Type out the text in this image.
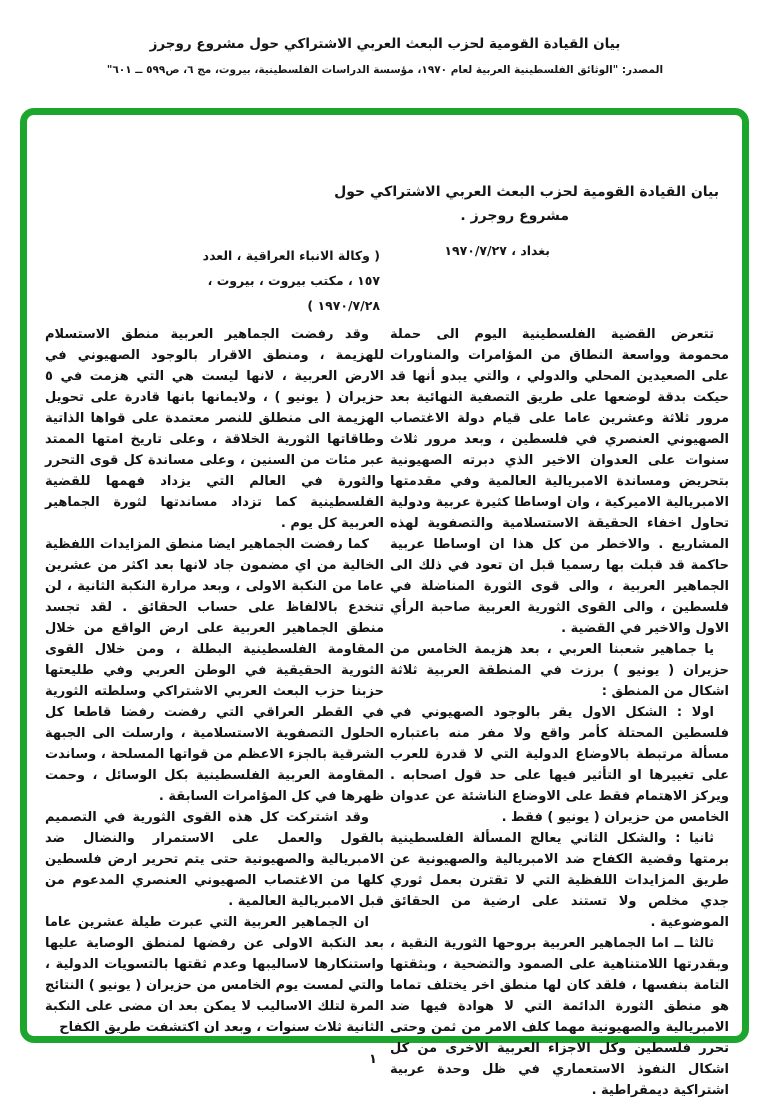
بيان القيادة القومية لحزب البعث العربي الاشتراكي حول مشروع روجرز
المصدر: "الوثائق الفلسطينية العربية لعام ١٩٧٠، مؤسسة الدراسات الفلسطينية، بيروت، مج ٦، ص٥٩٩ ــ ٦٠١"
بيان القيادة القومية لحزب البعث العربي الاشتراكي حول
مشروع روجرز .
بغداد ، ١٩٧٠/٧/٢٧

( وكالة الانباء العراقية ، العدد

١٥٧ ، مكتب بيروت ، بيروت ،

١٩٧٠/٧/٢٨ )

تتعرض القضية الفلسطينية اليوم الى حملة محمومة وواسعة النطاق من المؤامرات والمناورات على الصعيدين المحلي والدولي ، والتي يبدو أنها قد حيكت بدقة لوضعها على طريق التصفية النهائية بعد مرور ثلاثة وعشرين عاما على قيام دولة الاغتصاب الصهيوني العنصري في فلسطين ، وبعد مرور ثلاث سنوات على العدوان الاخير الذي دبرته الصهيونية بتحريض ومساندة الامبريالية العالمية وفي مقدمتها الامبريالية الاميركية ، وان اوساطا كثيرة عربية ودولية تحاول اخفاء الحقيقة الاستسلامية والتصفوية لهذه المشاريع . والاخطر من كل هذا ان اوساطا عربية حاكمة قد قبلت بها رسميا قبل ان تعود في ذلك الى الجماهير العربية ، والى قوى الثورة المناضلة في فلسطين ، والى القوى الثورية العربية صاحبة الرأي الاول والاخير في القضية .

يا جماهير شعبنا العربي ، بعد هزيمة الخامس من حزيران ( يونيو ) برزت في المنطقة العربية ثلاثة اشكال من المنطق :

اولا : الشكل الاول يقر بالوجود الصهيوني في فلسطين المحتلة كأمر واقع ولا مفر منه باعتباره مسألة مرتبطة بالاوضاع الدولية التي لا قدرة للعرب على تغييرها او التأثير فيها على حد قول اصحابه . ويركز الاهتمام فقط على الاوضاع الناشئة عن عدوان الخامس من حزيران ( يونيو ) فقط .

ثانيا : والشكل الثاني يعالج المسألة الفلسطينية برمتها وقضية الكفاح ضد الامبريالية والصهيونية عن طريق المزايدات اللفظية التي لا تقترن بعمل ثوري جدي مخلص ولا تستند على ارضية من الحقائق الموضوعية .

ثالثا ــ اما الجماهير العربية بروحها الثورية النقية ، وبقدرتها اللامتناهية على الصمود والتضحية ، وبثقتها التامة بنفسها ، فلقد كان لها منطق اخر يختلف تماما هو منطق الثورة الدائمة التي لا هوادة فيها ضد الامبريالية والصهيونية مهما كلف الامر من ثمن وحتى تحرر فلسطين وكل الاجزاء العربية الاخرى من كل اشكال النفوذ الاستعماري في ظل وحدة عربية اشتراكية ديمقراطية .

وقد رفضت الجماهير العربية منطق الاستسلام للهزيمة ، ومنطق الاقرار بالوجود الصهيوني في الارض العربية ، لانها ليست هي التي هزمت في ٥ حزيران ( يونيو ) ، ولايمانها بانها قادرة على تحويل الهزيمة الى منطلق للنصر معتمدة على قواها الذاتية وطاقاتها الثورية الخلاقة ، وعلى تاريخ امتها الممتد عبر مئات من السنين ، وعلى مساندة كل قوى التحرر والثورة في العالم التي يزداد فهمها للقضية الفلسطينية كما تزداد مساندتها لثورة الجماهير العربية كل يوم .

كما رفضت الجماهير ايضا منطق المزايدات اللفظية الخالية من اي مضمون جاد لانها بعد اكثر من عشرين عاما من النكبة الاولى ، وبعد مرارة النكبة الثانية ، لن تنخدع بالالفاظ على حساب الحقائق . لقد تجسد منطق الجماهير العربية على ارض الواقع من خلال المقاومة الفلسطينية البطلة ، ومن خلال القوى الثورية الحقيقية في الوطن العربي وفي طليعتها حزبنا حزب البعث العربي الاشتراكي وسلطته الثورية في القطر العراقي التي رفضت رفضا قاطعا كل الحلول التصفوية الاستسلامية ، وارسلت الى الجبهة الشرقية بالجزء الاعظم من قواتها المسلحة ، وساندت المقاومة العربية الفلسطينية بكل الوسائل ، وحمت ظهرها في كل المؤامرات السابقة .

وقد اشتركت كل هذه القوى الثورية في التصميم بالقول والعمل على الاستمرار والنضال ضد الامبريالية والصهيونية حتى يتم تحرير ارض فلسطين كلها من الاغتصاب الصهيوني العنصري المدعوم من قبل الامبريالية العالمية .

ان الجماهير العربية التي عبرت طيلة عشرين عاما بعد النكبة الاولى عن رفضها لمنطق الوصاية عليها واستنكارها لاساليبها وعدم ثقتها بالتسويات الدولية ، والتي لمست يوم الخامس من حزيران ( يونيو ) النتائج المرة لتلك الاساليب لا يمكن بعد ان مضى على النكبة الثانية ثلاث سنوات ، وبعد ان اكتشفت طريق الكفاح

١
